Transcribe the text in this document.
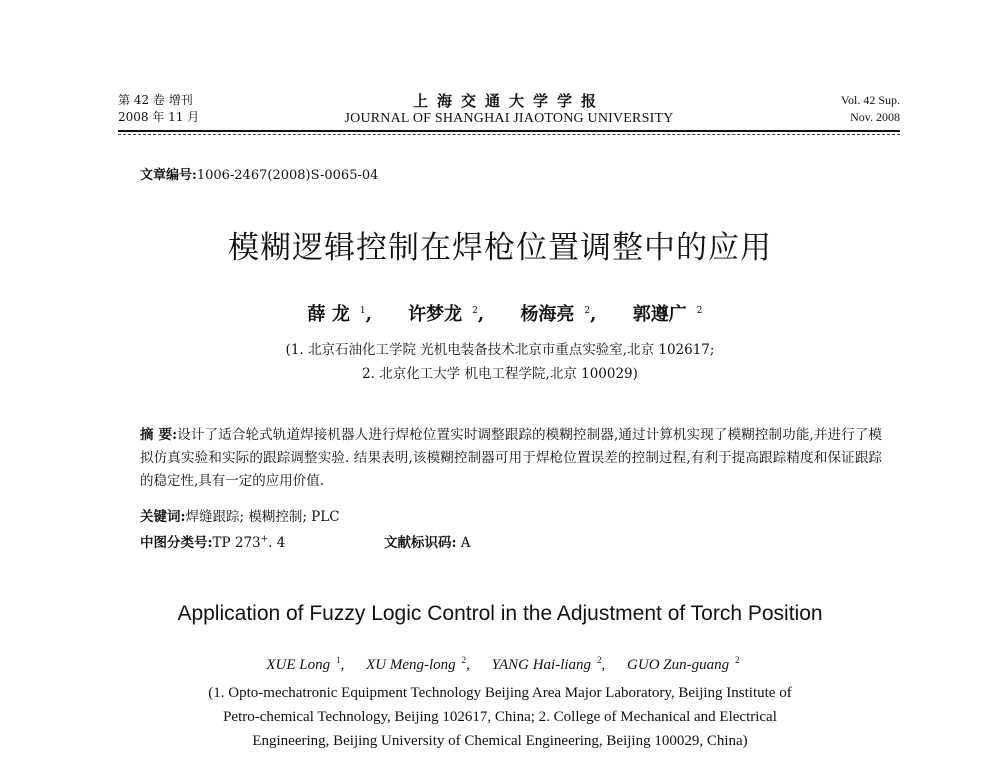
第 42 卷 增刊
2008 年 11 月
上海交通大学学报
JOURNAL OF SHANGHAI JIAOTONG UNIVERSITY
Vol. 42 Sup.
Nov. 2008
文章编号:1006-2467(2008)S-0065-04
模糊逻辑控制在焊枪位置调整中的应用
薛 龙 $^1$, 许梦龙 $^2$, 杨海亮 $^2$, 郭遵广 $^2$
(1. 北京石油化工学院 光机电装备技术北京市重点实验室,北京 102617;
2. 北京化工大学 机电工程学院,北京 100029)
摘 要:设计了适合轮式轨道焊接机器人进行焊枪位置实时调整跟踪的模糊控制器,通过计算机实现了模糊控制功能,并进行了模拟仿真实验和实际的跟踪调整实验. 结果表明,该模糊控制器可用于焊枪位置误差的控制过程,有利于提高跟踪精度和保证跟踪的稳定性,具有一定的应用价值.
关键词:焊缝跟踪; 模糊控制; PLC
中图分类号:TP 273+. 4	文献标识码: A
Application of Fuzzy Logic Control in the Adjustment of Torch Position
XUE Long $^1$, XU Meng-long $^2$, YANG Hai-liang $^2$, GUO Zun-guang $^2$
(1. Opto-mechatronic Equipment Technology Beijing Area Major Laboratory, Beijing Institute of
Petro-chemical Technology, Beijing 102617, China; 2. College of Mechanical and Electrical
Engineering, Beijing University of Chemical Engineering, Beijing 100029, China)
